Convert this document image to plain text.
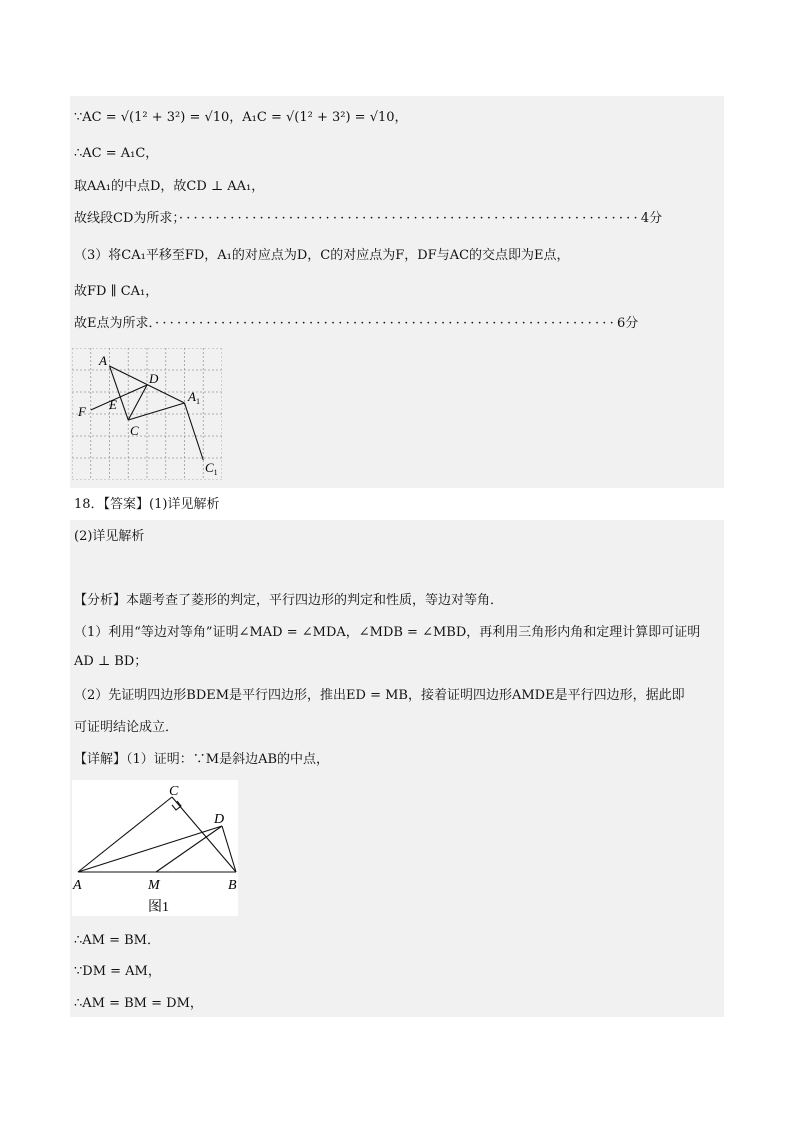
∵AC = √(1² + 3²) = √10，A₁C = √(1² + 3²) = √10，
∴AC = A₁C，
取AA₁的中点D，故CD ⊥ AA₁，
故线段CD为所求；·······························································4分
（3）将CA₁平移至FD，A₁的对应点为D，C的对应点为F，DF与AC的交点即为E点，
故FD ∥ CA₁，
故E点为所求．·······························································6分
A
D
F E
C
$A_1$
$C_1$
18．【答案】(1)详见解析
(2)详见解析
【分析】本题考查了菱形的判定，平行四边形的判定和性质，等边对等角．
（1）利用“等边对等角”证明∠MAD = ∠MDA，∠MDB = ∠MBD，再利用三角形内角和定理计算即可证明
AD ⊥ BD；
（2）先证明四边形BDEM是平行四边形，推出ED = MB，接着证明四边形AMDE是平行四边形，据此即
可证明结论成立．
【详解】（1）证明：∵M是斜边AB的中点，
C
D
A	M	B
图1
∴AM = BM．
∵DM = AM，
∴AM = BM = DM，
